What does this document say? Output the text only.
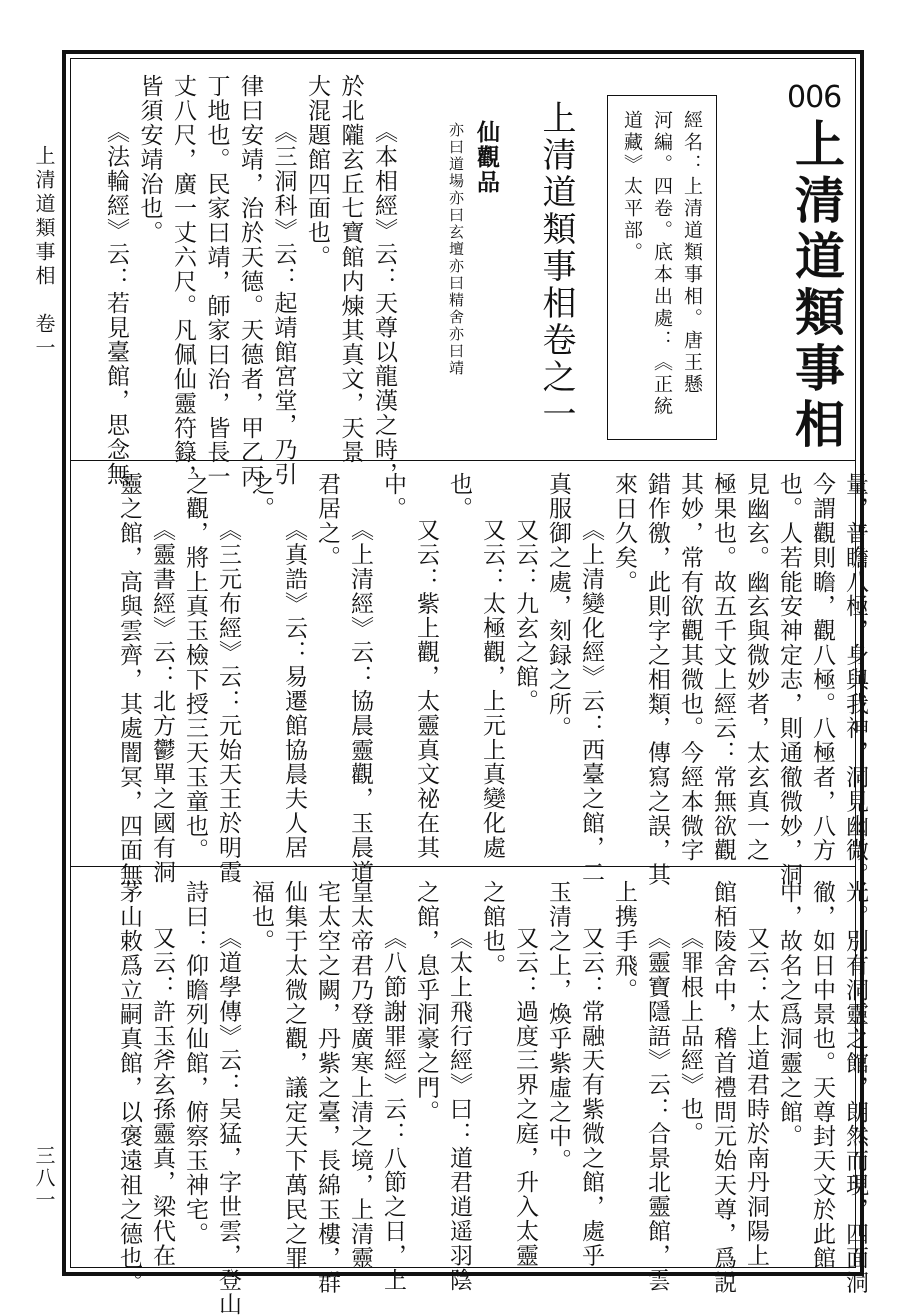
上清道類事相　卷一
三八一
006
上清道類事相
經名：上清道類事相。唐王懸
河編。四卷。底本出處：《正統
道藏》太平部。
上清道類事相卷之一
仙觀品
亦曰道場亦曰玄壇亦曰精舍亦曰靖
《本相經》云：天尊以龍漢之時，
於北隴玄丘七寶館内煉其真文，天景
大混題館四面也。
《三洞科》云：起靖館宮堂，乃引
律曰安靖，治於天德。天德者，甲乙丙
丁地也。民家曰靖，師家曰治，皆長一
丈八尺，廣一丈六尺。凡佩仙靈符籙，
皆須安靖治也。
《法輪經》云：若見臺館，思念無
量，普瞻八極，身與我神，洞見幽微。
今謂觀則瞻，觀八極。八極者，八方
也。人若能安神定志，則通徹微妙，洞
見幽玄。幽玄與微妙者，太玄真一之
極果也。故五千文上經云：常無欲觀
其妙，常有欲觀其微也。今經本微字
錯作徼，此則字之相類，傳寫之誤，其
來日久矣。
《上清變化經》云：西臺之館，二
真服御之處，刻録之所。
又云：九玄之館。
又云：太極觀，上元上真變化處
也。
又云：紫上觀，太靈真文祕在其
中。
《上清經》云：協晨靈觀，玉晨道
君居之。
《真誥》云：易遷館協晨夫人居
之。
《三元布經》云：元始天王於明霞
之觀，將上真玉檢下授三天玉童也。
《靈書經》云：北方鬱單之國有洞
靈之館，高與雲齊，其處闇冥，四面無
光。別有洞靈之館，朗然而現，四面洞
徹，如日中景也。天尊封天文於此館
中，故名之爲洞靈之館。
又云：太上道君時於南丹洞陽上
館栢陵舍中，稽首禮問元始天尊，爲説
《罪根上品經》也。
《靈寶隱語》云：合景北靈館，雲
上携手飛。
又云：常融天有紫微之館，處乎
玉清之上，煥乎紫虛之中。
又云：過度三界之庭，升入太靈
之館也。
《太上飛行經》曰：道君逍遥羽陰
之館，息乎洞豪之門。
《八節謝罪經》云：八節之日，上
皇太帝君乃登廣寒上清之境，上清靈
宅太空之闕，丹紫之臺，長綿玉樓，群
仙集于太微之觀，議定天下萬民之罪
福也。
《道學傳》云：吴猛，字世雲，登山
詩曰：仰瞻列仙館，俯察玉神宅。
又云：許玉斧玄孫靈真，梁代在
茅山敕爲立嗣真館，以褒遠祖之德也。
